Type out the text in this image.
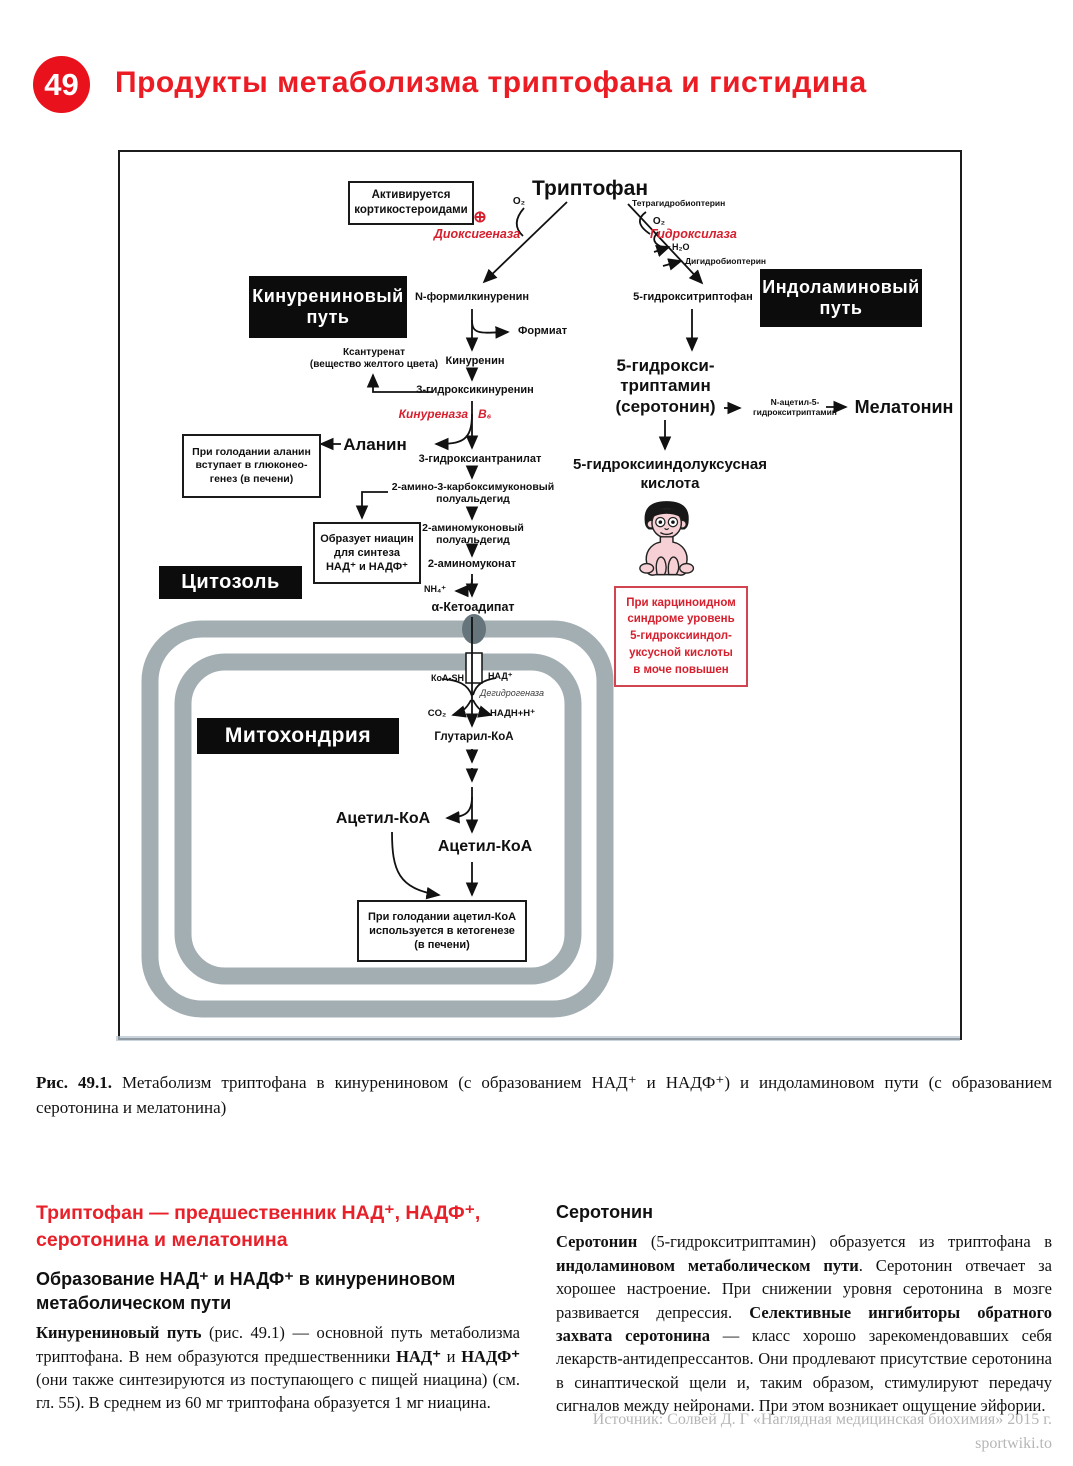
49	Продукты метаболизма триптофана и гистидина
Триптофан
Активируется
кортикостероидами ⊕
O₂
Диоксигеназа
Тетрагидробиоптерин
O₂
Гидроксилаза
H₂O
Дигидробиоптерин
Кинурениновый
путь
Индоламиновый
путь
N-формилкинуренин	5-гидрокситриптофан
Формиат
Ксантуренат
(вещество желтого цвета) Кинуренин
3-гидроксикинуренин
Кинуреназа B₆
Аланин
При голодании аланин
вступает в глюконео-
генез (в печени)
3-гидроксиантранилат
2-амино-3-карбоксимуконовый
полуальдегид
Образует ниацин
для синтеза
НАД⁺ и НАДФ⁺
2-аминомуконовый
полуальдегид
2-аминомуконат
NH₄⁺
α-Кетоадипат
Цитозоль
Митохондрия
КоА-SH	НАД⁺
Дегидрогеназа
CO₂	НАДН+Н⁺
Глутарил-КоА
Ацетил-КоА
Ацетил-КоА
При голодании ацетил-КоА
используется в кетогенезе
(в печени)
5-гидрокси-
триптамин
(серотонин)	N-ацетил-5-
гидрокситриптамин Мелатонин
5-гидроксииндолуксусная
кислота
При карциноидном
синдроме уровень
5-гидроксииндол-
уксусной кислоты
в моче повышен

Рис. 49.1. Метаболизм триптофана в кинурениновом (с образованием НАД⁺ и НАДФ⁺) и индоламиновом пути (с образованием серотонина и мелатонина)

Триптофан — предшественник НАД⁺, НАДФ⁺, серотонина и мелатонина
Образование НАД⁺ и НАДФ⁺ в кинурениновом метаболическом пути

Кинурениновый путь (рис. 49.1) — основной путь метаболизма триптофана. В нем образуются предшественники НАД⁺ и НАДФ⁺ (они также синтезируются из поступающего с пищей ниацина) (см. гл. 55). В среднем из 60 мг триптофана образуется 1 мг ниацина.

Серотонин

Серотонин (5-гидрокситриптамин) образуется из триптофана в индоламиновом метаболическом пути. Серотонин отвечает за хорошее настроение. При снижении уровня серотонина в мозге развивается депрессия. Селективные ингибиторы обратного захвата серотонина — класс хорошо зарекомендовавших себя лекарств-антидепрессантов. Они продлевают присутствие серотонина в синаптической щели и, таким образом, стимулируют передачу сигналов между нейронами. При этом возникает ощущение эйфории.

Источник: Солвей Д. Г «Наглядная медицинская биохимия» 2015 г.
sportwiki.to
